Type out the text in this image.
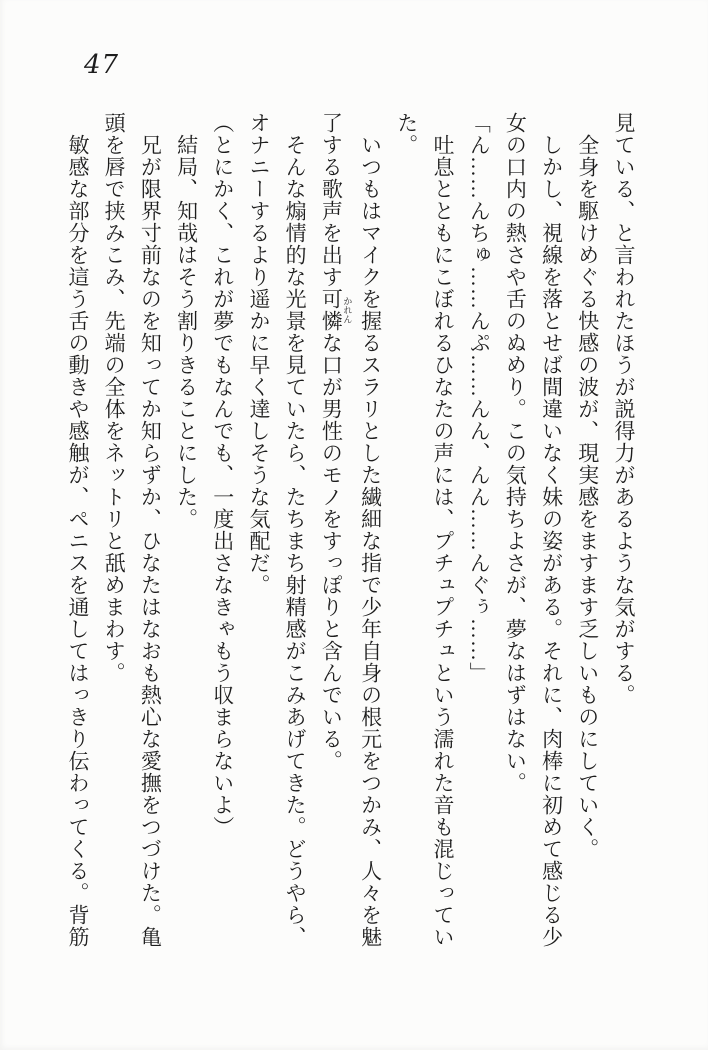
47

見ている、と言われたほうが説得力があるような気がする。

全身を駆けめぐる快感の波が、現実感をますます乏しいものにしていく。

しかし、視線を落とせば間違いなく妹の姿がある。それに、肉棒に初めて感じる少

女の口内の熱さや舌のぬめり。この気持ちよさが、夢なはずはない。

「ん……んちゅ……んぷ……んん、んん……んぐぅ……」

吐息とともにこぼれるひなたの声には、プチュプチュという濡れた音も混じってい

た。

いつもはマイクを握るスラリとした繊細な指で少年自身の根元をつかみ、人々を魅

了する歌声を出す可憐 かれんな口が男性のモノをすっぽりと含んでいる。

そんな煽情的な光景を見ていたら、たちまち射精感がこみあげてきた。どうやら、

オナニーするより遥かに早く達しそうな気配だ。

（とにかく、これが夢でもなんでも、一度出さなきゃもう収まらないよ）

結局、知哉はそう割りきることにした。

兄が限界寸前なのを知ってか知らずか、ひなたはなおも熱心な愛撫をつづけた。亀

頭を唇で挟みこみ、先端の全体をネットリと舐めまわす。

敏感な部分を這う舌の動きや感触が、ペニスを通してはっきり伝わってくる。背筋
